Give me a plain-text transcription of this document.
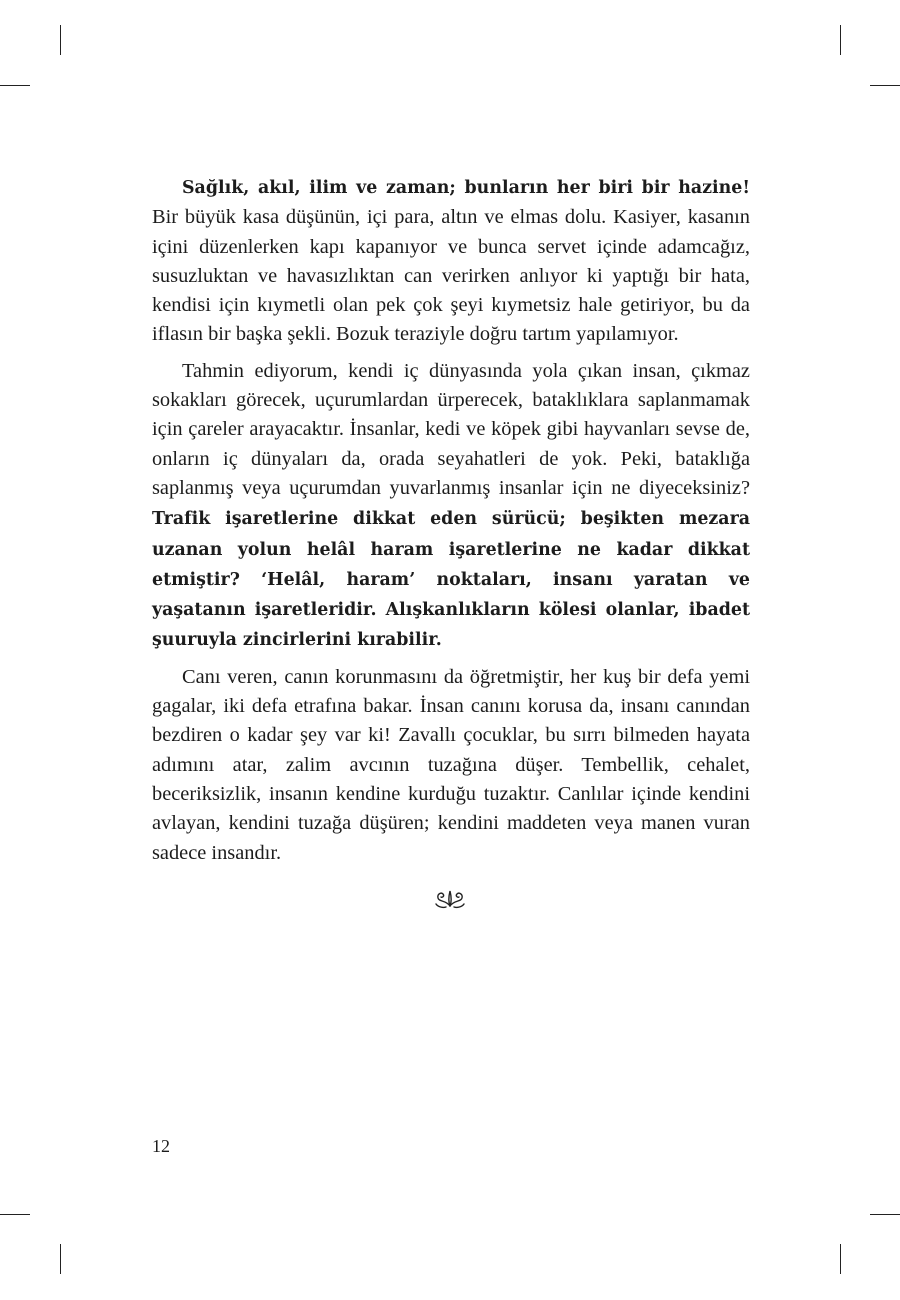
Sağlık, akıl, ilim ve zaman; bunların her biri bir hazine! Bir büyük kasa düşünün, içi para, altın ve elmas dolu. Kasiyer, kasanın içini düzenlerken kapı kapanıyor ve bunca servet içinde adamcağız, susuzluktan ve havasızlıktan can verirken anlıyor ki yaptığı bir hata, kendisi için kıymetli olan pek çok şeyi kıymetsiz hale getiriyor, bu da iflasın bir başka şekli. Bozuk teraziyle doğru tartım yapılamıyor.

Tahmin ediyorum, kendi iç dünyasında yola çıkan insan, çıkmaz sokakları görecek, uçurumlardan ürperecek, bataklıklara saplanmamak için çareler arayacaktır. İnsanlar, kedi ve köpek gibi hayvanları sevse de, onların iç dünyaları da, orada seyahatleri de yok. Peki, bataklığa saplanmış veya uçurumdan yuvarlanmış insanlar için ne diyeceksiniz? Trafik işaretlerine dikkat eden sürücü; beşikten mezara uzanan yolun helâl haram işaretlerine ne kadar dikkat etmiştir? ‘Helâl, haram’ noktaları, insanı yaratan ve yaşatanın işaretleridir. Alışkanlıkların kölesi olanlar, ibadet şuuruyla zincirlerini kırabilir.

Canı veren, canın korunmasını da öğretmiştir, her kuş bir defa yemi gagalar, iki defa etrafına bakar. İnsan canını korusa da, insanı canından bezdiren o kadar şey var ki! Zavallı çocuklar, bu sırrı bilmeden hayata adımını atar, zalim avcının tuzağına düşer. Tembellik, cehalet, beceriksizlik, insanın kendine kurduğu tuzaktır. Canlılar içinde kendini avlayan, kendini tuzağa düşüren; kendini maddeten veya manen vuran sadece insandır.

12
